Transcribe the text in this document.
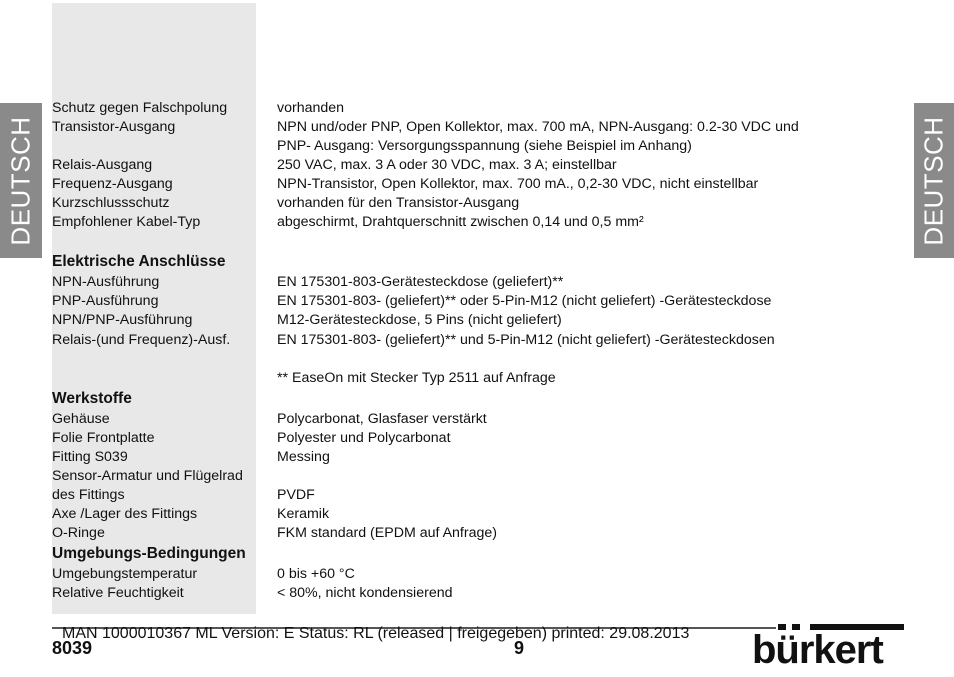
DEUTSCH	DEUTSCH
Schutz gegen Falschpolung	vorhanden
Transistor-Ausgang	NPN und/oder PNP, Open Kollektor, max. 700 mA, NPN-Ausgang: 0.2-30 VDC und
PNP- Ausgang: Versorgungsspannung (siehe Beispiel im Anhang)
Relais-Ausgang	250 VAC, max. 3 A oder 30 VDC, max. 3 A; einstellbar
Frequenz-Ausgang	NPN-Transistor, Open Kollektor, max. 700 mA., 0,2-30 VDC, nicht einstellbar
Kurzschlussschutz	vorhanden für den Transistor-Ausgang
Empfohlener Kabel-Typ	abgeschirmt, Drahtquerschnitt zwischen 0,14 und 0,5 mm²
Elektrische Anschlüsse
NPN-Ausführung	EN 175301-803-Gerätesteckdose (geliefert)**
PNP-Ausführung	EN 175301-803- (geliefert)** oder 5-Pin-M12 (nicht geliefert) -Gerätesteckdose
NPN/PNP-Ausführung	M12-Gerätesteckdose, 5 Pins (nicht geliefert)
Relais-(und Frequenz)-Ausf.	EN 175301-803- (geliefert)** und 5-Pin-M12 (nicht geliefert) -Gerätesteckdosen
** EaseOn mit Stecker Typ 2511 auf Anfrage
Werkstoffe
Gehäuse	Polycarbonat, Glasfaser verstärkt
Folie Frontplatte	Polyester und Polycarbonat
Fitting S039	Messing
Sensor-Armatur und Flügelrad
des Fittings	PVDF
Axe /Lager des Fittings	Keramik
O-Ringe	FKM standard (EPDM auf Anfrage)
Umgebungs-Bedingungen
Umgebungstemperatur	0 bis +60 °C
Relative Feuchtigkeit	< 80%, nicht kondensierend
MAN 1000010367 ML Version: E Status: RL (released | freigegeben) printed: 29.08.2013
8039	9	bürkert
